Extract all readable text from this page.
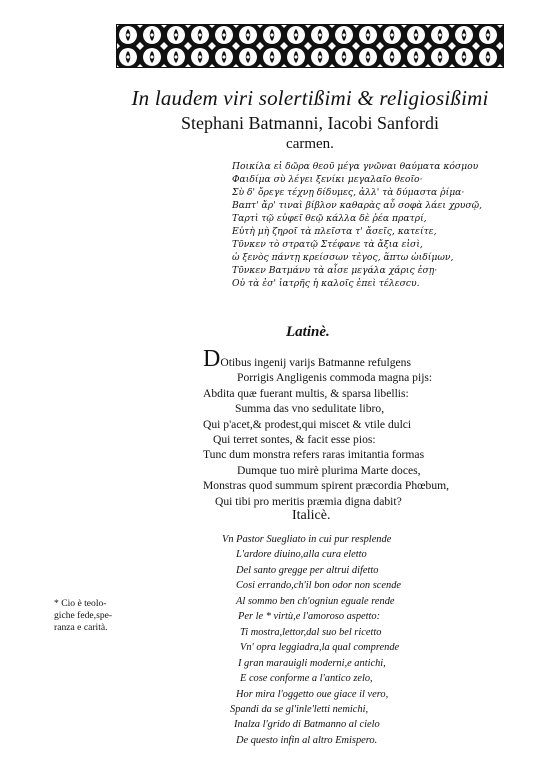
In laudem viri solertißimi & religiosißimi
Stephani Batmanni, Iacobi Sanfordi
carmen.
Ποικίλα εἰ δῶρα θεοῦ μέγα γνῶναι θαύματα κόσμου
Φαιδίμα σὺ λέγει ξενίκι μεγαλαῖο θεοῖο·
Σὺ δ' ὄρεγε τέχνῃ δίδυμες, ἀλλ' τὰ δύμαστα ῥίμα·
Βαπτ' ἄρ' τιναὶ βίβλον καθαρὰς αὖ σοφὰ λάει χρυσῷ,
Ταρτὶ τῷ εὐφεῖ θεῷ κάλλα δὲ ῥέα πρατρί,
Εὐτὴ μὴ ζηροῖ τὰ πλεῖστα τ' ἄσεῖς, κατείτε,
Τῦνκεν τὸ στρατῷ Στέφανε τὰ ἄξια εἰσὶ,
ὡ ξενὸς πάντῃ κρείσσων τὲγος, ἅπτω ὠιδίμων,
Τῦνκεν Βατμάνυ τὰ αἶσε μεγάλα χάρις ἐσῃ·
Οὐ τὰ ἐσ' ἰατρῆς ἡ καλοῖς ἐπεὶ τέλεσϲυ.
Latinè.
DOtibus ingenij varijs Batmanne refulgens
Porrigis Angligenis commoda magna pijs:
Abdita quæ fuerant multis, & sparsa libellis:
Summa das vno sedulitate libro,
Qui p'acet,& prodest,qui miscet & vtile dulci
Qui terret sontes, & facit esse pios:
Tunc dum monstra refers raras imitantia formas
Dumque tuo mirè plurima Marte doces,
Monstras quod summum spirent præcordia Phœbum,
Qui tibi pro meritis præmia digna dabit?
Italicè.
Vn Pastor Suegliato in cui pur resplende
L'ardore diuino,alla cura eletto
Del santo gregge per altrui difetto
Cosi errando,ch'il bon odor non scende
Al sommo ben ch'ogniun eguale rende
Per le * virtù,e l'amoroso aspetto:
Ti mostra,lettor,dal suo bel ricetto
Vn' opra leggiadra,la qual comprende
I gran marauigli moderni,e antichi,
E cose conforme a l'antico zelo,
Hor mira l'oggetto oue giace il vero,
Spandi da se gl'inle'letti nemichi,
Inalza l'grido di Batmanno al cielo
De questo infin al altro Emispero.
* Cio è teolo-
giche fede,spe-
ranza e carità.
